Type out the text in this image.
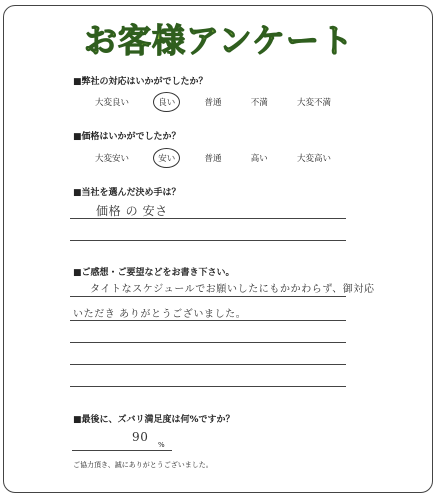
お客様アンケート
■弊社の対応はいかがでしたか？
大変良い	良い	普通	不満	大変不満
■価格はいかがでしたか？
大変安い	安い	普通	高い	大変高い
■当社を選んだ決め手は？
価格 の 安さ
■ご感想・ご要望などをお書き下さい。
タイトなスケジュールでお願いしたにもかかわらず、御対応
いただき ありがとうございました。
■最後に、ズバリ満足度は何%ですか？
90
%
ご協力頂き、誠にありがとうございました。
